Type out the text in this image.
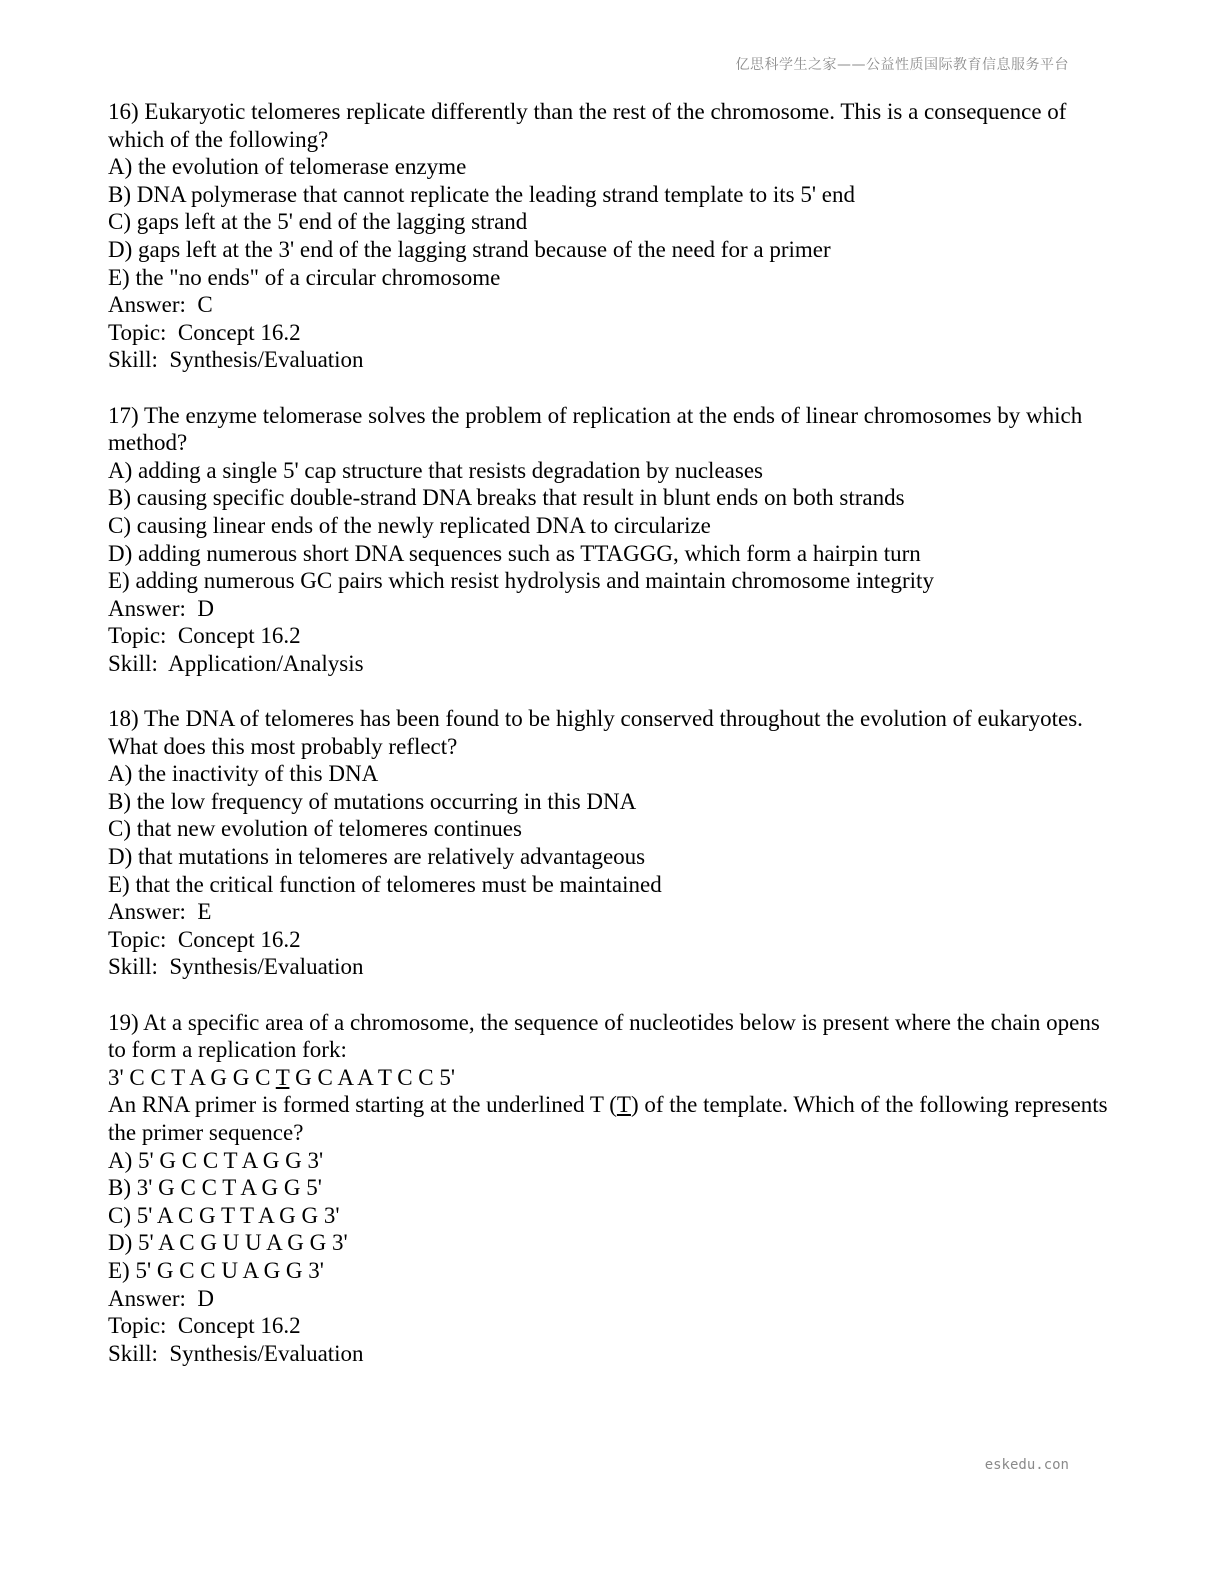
亿思科学生之家——公益性质国际教育信息服务平台
16) Eukaryotic telomeres replicate differently than the rest of the chromosome. This is a consequence of which of the following?
A) the evolution of telomerase enzyme
B) DNA polymerase that cannot replicate the leading strand template to its 5' end
C) gaps left at the 5' end of the lagging strand
D) gaps left at the 3' end of the lagging strand because of the need for a primer
E) the "no ends" of a circular chromosome
Answer:  C
Topic:  Concept 16.2
Skill:  Synthesis/Evaluation
17) The enzyme telomerase solves the problem of replication at the ends of linear chromosomes by which method?
A) adding a single 5' cap structure that resists degradation by nucleases
B) causing specific double-strand DNA breaks that result in blunt ends on both strands
C) causing linear ends of the newly replicated DNA to circularize
D) adding numerous short DNA sequences such as TTAGGG, which form a hairpin turn
E) adding numerous GC pairs which resist hydrolysis and maintain chromosome integrity
Answer:  D
Topic:  Concept 16.2
Skill:  Application/Analysis
18) The DNA of telomeres has been found to be highly conserved throughout the evolution of eukaryotes. What does this most probably reflect?
A) the inactivity of this DNA
B) the low frequency of mutations occurring in this DNA
C) that new evolution of telomeres continues
D) that mutations in telomeres are relatively advantageous
E) that the critical function of telomeres must be maintained
Answer:  E
Topic:  Concept 16.2
Skill:  Synthesis/Evaluation
19) At a specific area of a chromosome, the sequence of nucleotides below is present where the chain opens to form a replication fork:
3' C C T A G G C T G C A A T C C 5'
An RNA primer is formed starting at the underlined T (T) of the template. Which of the following represents the primer sequence?
A) 5' G C C T A G G 3'
B) 3' G C C T A G G 5'
C) 5' A C G T T A G G 3'
D) 5' A C G U U A G G 3'
E) 5' G C C U A G G 3'
Answer:  D
Topic:  Concept 16.2
Skill:  Synthesis/Evaluation
eskedu.con
